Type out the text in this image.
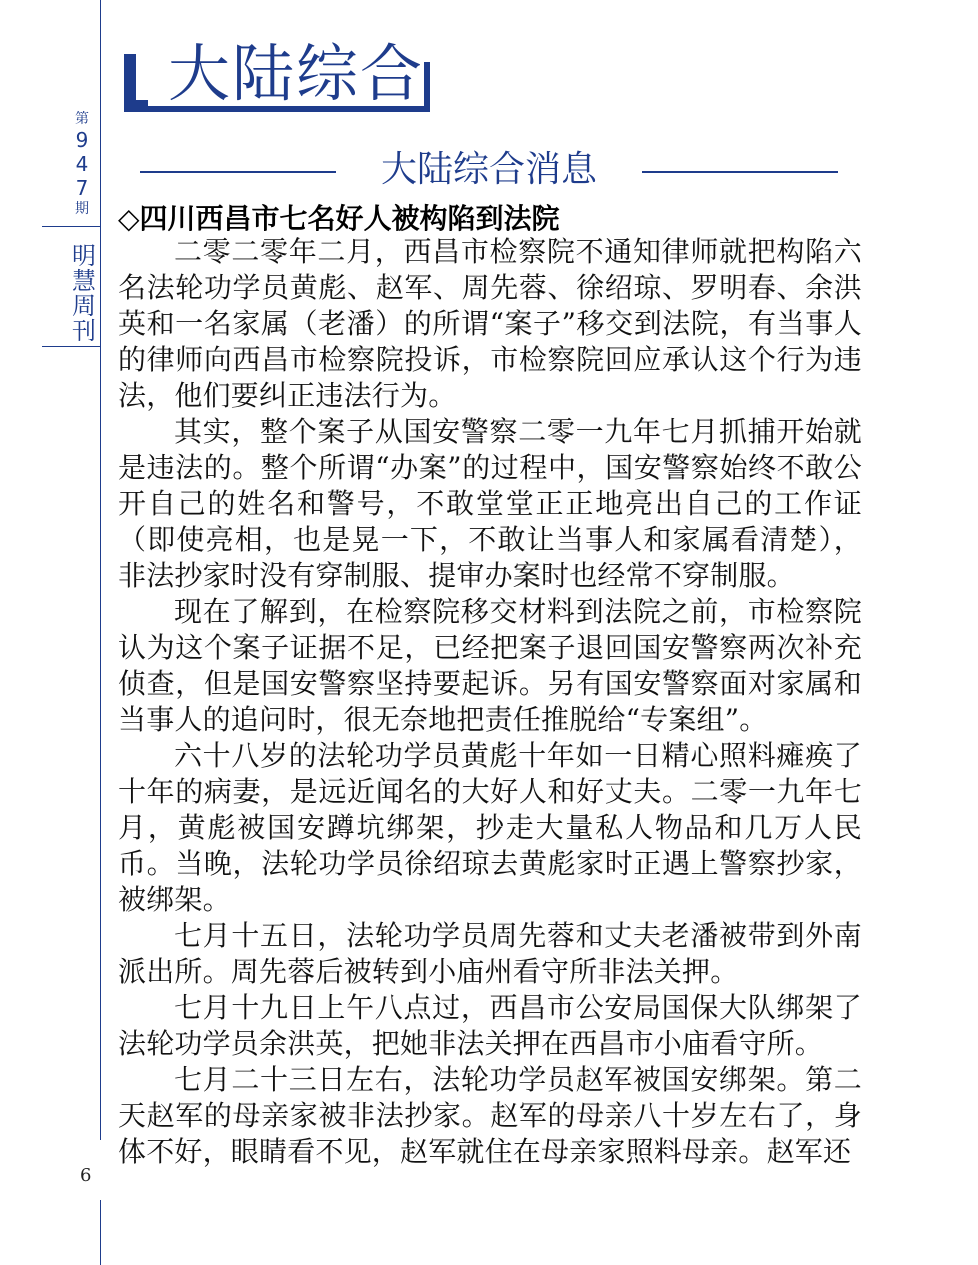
第
9
4
7
期
明
慧
周
刊
6
大陆综合
大陆综合消息
◇四川西昌市七名好人被构陷到法院

二零二零年二月，西昌市检察院不通知律师就把构陷六名法轮功学员黄彪、赵军、周先蓉、徐绍琼、罗明春、余洪英和一名家属（老潘）的所谓“案子”移交到法院，有当事人的律师向西昌市检察院投诉，市检察院回应承认这个行为违法，他们要纠正违法行为。

其实，整个案子从国安警察二零一九年七月抓捕开始就是违法的。整个所谓“办案”的过程中，国安警察始终不敢公开自己的姓名和警号，不敢堂堂正正地亮出自己的工作证（即使亮相，也是晃一下，不敢让当事人和家属看清楚），非法抄家时没有穿制服、提审办案时也经常不穿制服。

现在了解到，在检察院移交材料到法院之前，市检察院认为这个案子证据不足，已经把案子退回国安警察两次补充侦查，但是国安警察坚持要起诉。另有国安警察面对家属和当事人的追问时，很无奈地把责任推脱给“专案组”。

六十八岁的法轮功学员黄彪十年如一日精心照料瘫痪了十年的病妻，是远近闻名的大好人和好丈夫。二零一九年七月，黄彪被国安蹲坑绑架，抄走大量私人物品和几万人民币。当晚，法轮功学员徐绍琼去黄彪家时正遇上警察抄家，被绑架。

七月十五日，法轮功学员周先蓉和丈夫老潘被带到外南派出所。周先蓉后被转到小庙州看守所非法关押。

七月十九日上午八点过，西昌市公安局国保大队绑架了法轮功学员余洪英，把她非法关押在西昌市小庙看守所。

七月二十三日左右，法轮功学员赵军被国安绑架。第二天赵军的母亲家被非法抄家。赵军的母亲八十岁左右了，身体不好，眼睛看不见，赵军就住在母亲家照料母亲。赵军还
